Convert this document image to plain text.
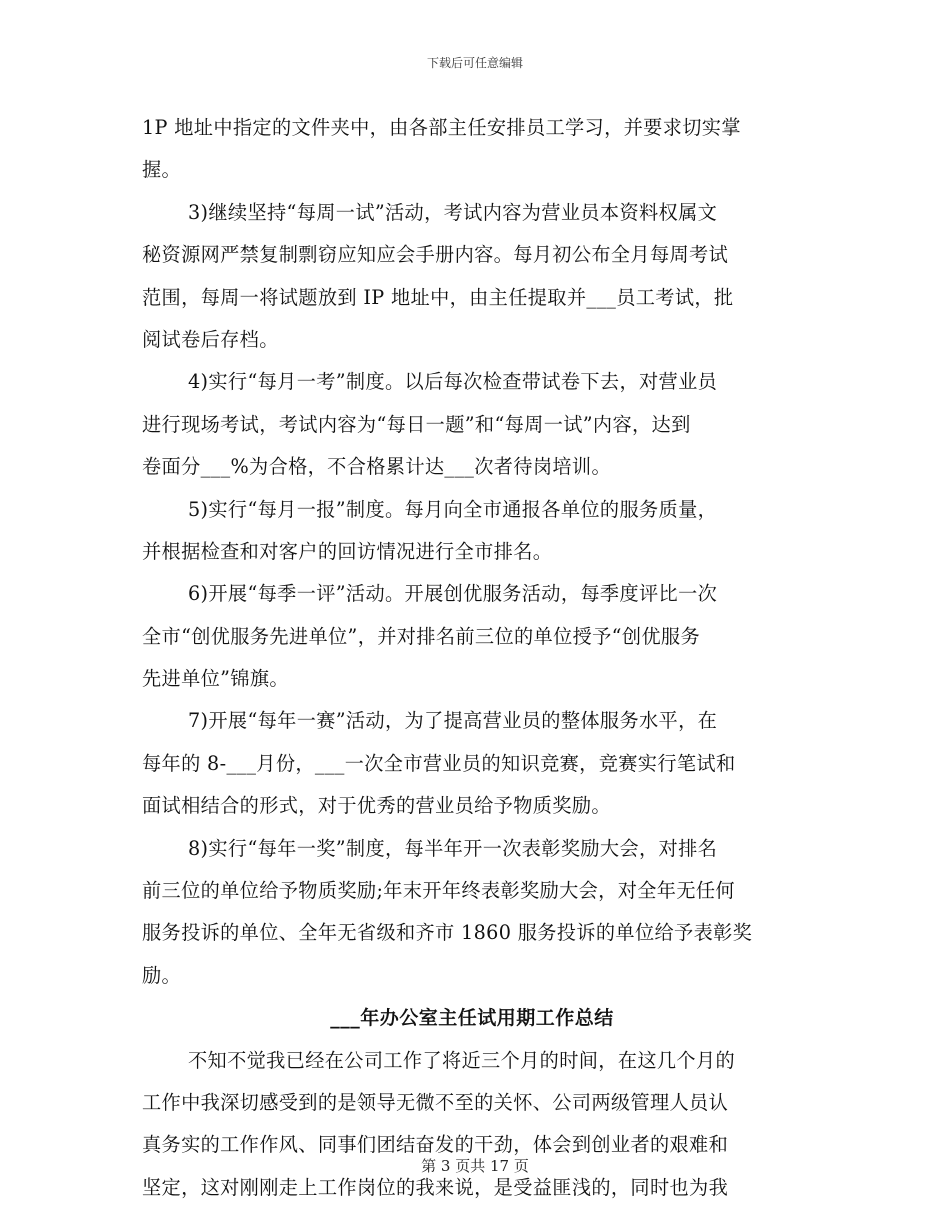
下载后可任意编辑
1P 地址中指定的文件夹中，由各部主任安排员工学习，并要求切实掌
握。
3)继续坚持“每周一试”活动，考试内容为营业员本资料权属文
秘资源网严禁复制剽窃应知应会手册内容。每月初公布全月每周考试
范围，每周一将试题放到 IP 地址中，由主任提取并___员工考试，批
阅试卷后存档。
4)实行“每月一考”制度。以后每次检查带试卷下去，对营业员
进行现场考试，考试内容为“每日一题”和“每周一试”内容，达到
卷面分___%为合格，不合格累计达___次者待岗培训。
5)实行“每月一报”制度。每月向全市通报各单位的服务质量，
并根据检查和对客户的回访情况进行全市排名。
6)开展“每季一评”活动。开展创优服务活动，每季度评比一次
全市“创优服务先进单位”，并对排名前三位的单位授予“创优服务
先进单位”锦旗。
7)开展“每年一赛”活动，为了提高营业员的整体服务水平，在
每年的 8-___月份，___一次全市营业员的知识竞赛，竞赛实行笔试和
面试相结合的形式，对于优秀的营业员给予物质奖励。
8)实行“每年一奖”制度，每半年开一次表彰奖励大会，对排名
前三位的单位给予物质奖励;年末开年终表彰奖励大会，对全年无任何
服务投诉的单位、全年无省级和齐市 1860 服务投诉的单位给予表彰奖
励。
___年办公室主任试用期工作总结
不知不觉我已经在公司工作了将近三个月的时间，在这几个月的
工作中我深切感受到的是领导无微不至的关怀、公司两级管理人员认
真务实的工作作风、同事们团结奋发的干劲，体会到创业者的艰难和
坚定，这对刚刚走上工作岗位的我来说，是受益匪浅的，同时也为我
第 3 页共 17 页
